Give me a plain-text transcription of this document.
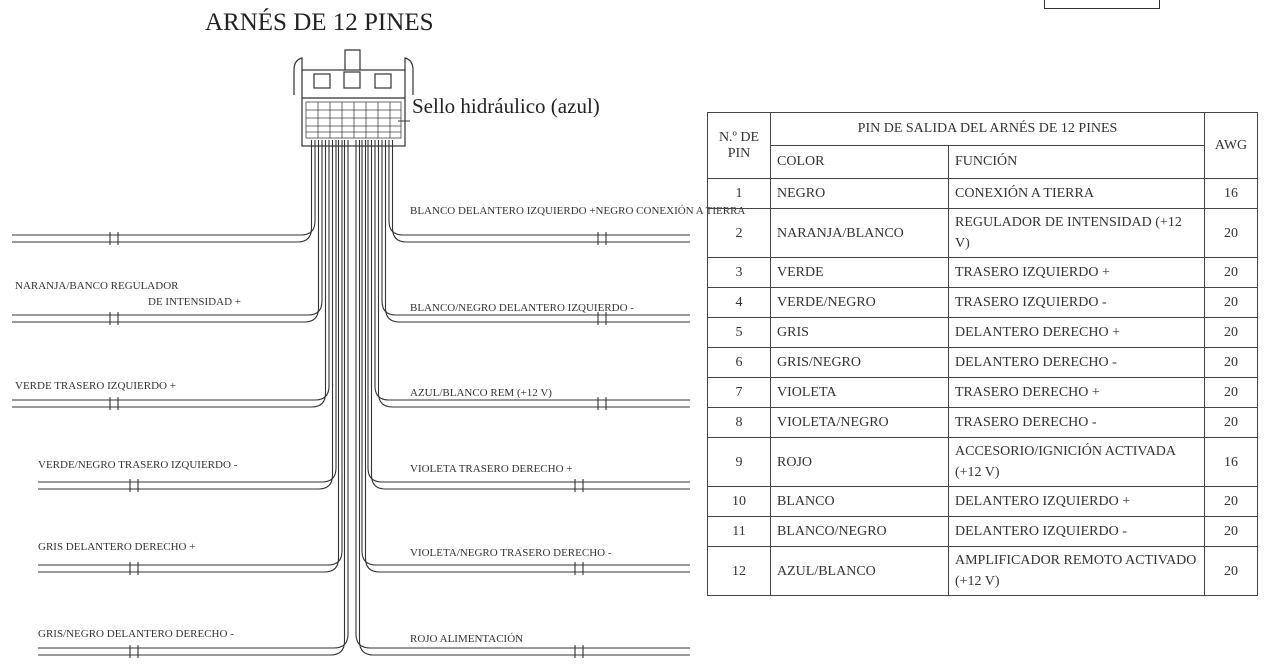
ARNÉS DE 12 PINES
Sello hidráulico (azul)
NARANJA/BANCO REGULADOR
VERDE TRASERO IZQUIERDO +
VERDE/NEGRO TRASERO IZQUIERDO -
GRIS DELANTERO DERECHO +
GRIS/NEGRO DELANTERO DERECHO -
DE INTENSIDAD +
BLANCO DELANTERO IZQUIERDO +NEGRO CONEXIÓN A TIERRA
BLANCO/NEGRO DELANTERO IZQUIERDO -
AZUL/BLANCO REM (+12 V)
VIOLETA TRASERO DERECHO +
VIOLETA/NEGRO TRASERO DERECHO -
ROJO ALIMENTACIÓN
N.º DE
PIN	PIN DE SALIDA DEL ARNÉS DE 12 PINES		AWG
	COLOR	FUNCIÓN	
1	NEGRO	CONEXIÓN A TIERRA	16
2	NARANJA/BLANCO	REGULADOR DE INTENSIDAD (+12 V)	20
3	VERDE	TRASERO IZQUIERDO +	20
4	VERDE/NEGRO	TRASERO IZQUIERDO -	20
5	GRIS	DELANTERO DERECHO +	20
6	GRIS/NEGRO	DELANTERO DERECHO -	20
7	VIOLETA	TRASERO DERECHO +	20
8	VIOLETA/NEGRO	TRASERO DERECHO -	20
9	ROJO	ACCESORIO/IGNICIÓN ACTIVADA (+12 V)	16
10	BLANCO	DELANTERO IZQUIERDO +	20
11	BLANCO/NEGRO	DELANTERO IZQUIERDO -	20
12	AZUL/BLANCO	AMPLIFICADOR REMOTO ACTIVADO (+12 V)	20
